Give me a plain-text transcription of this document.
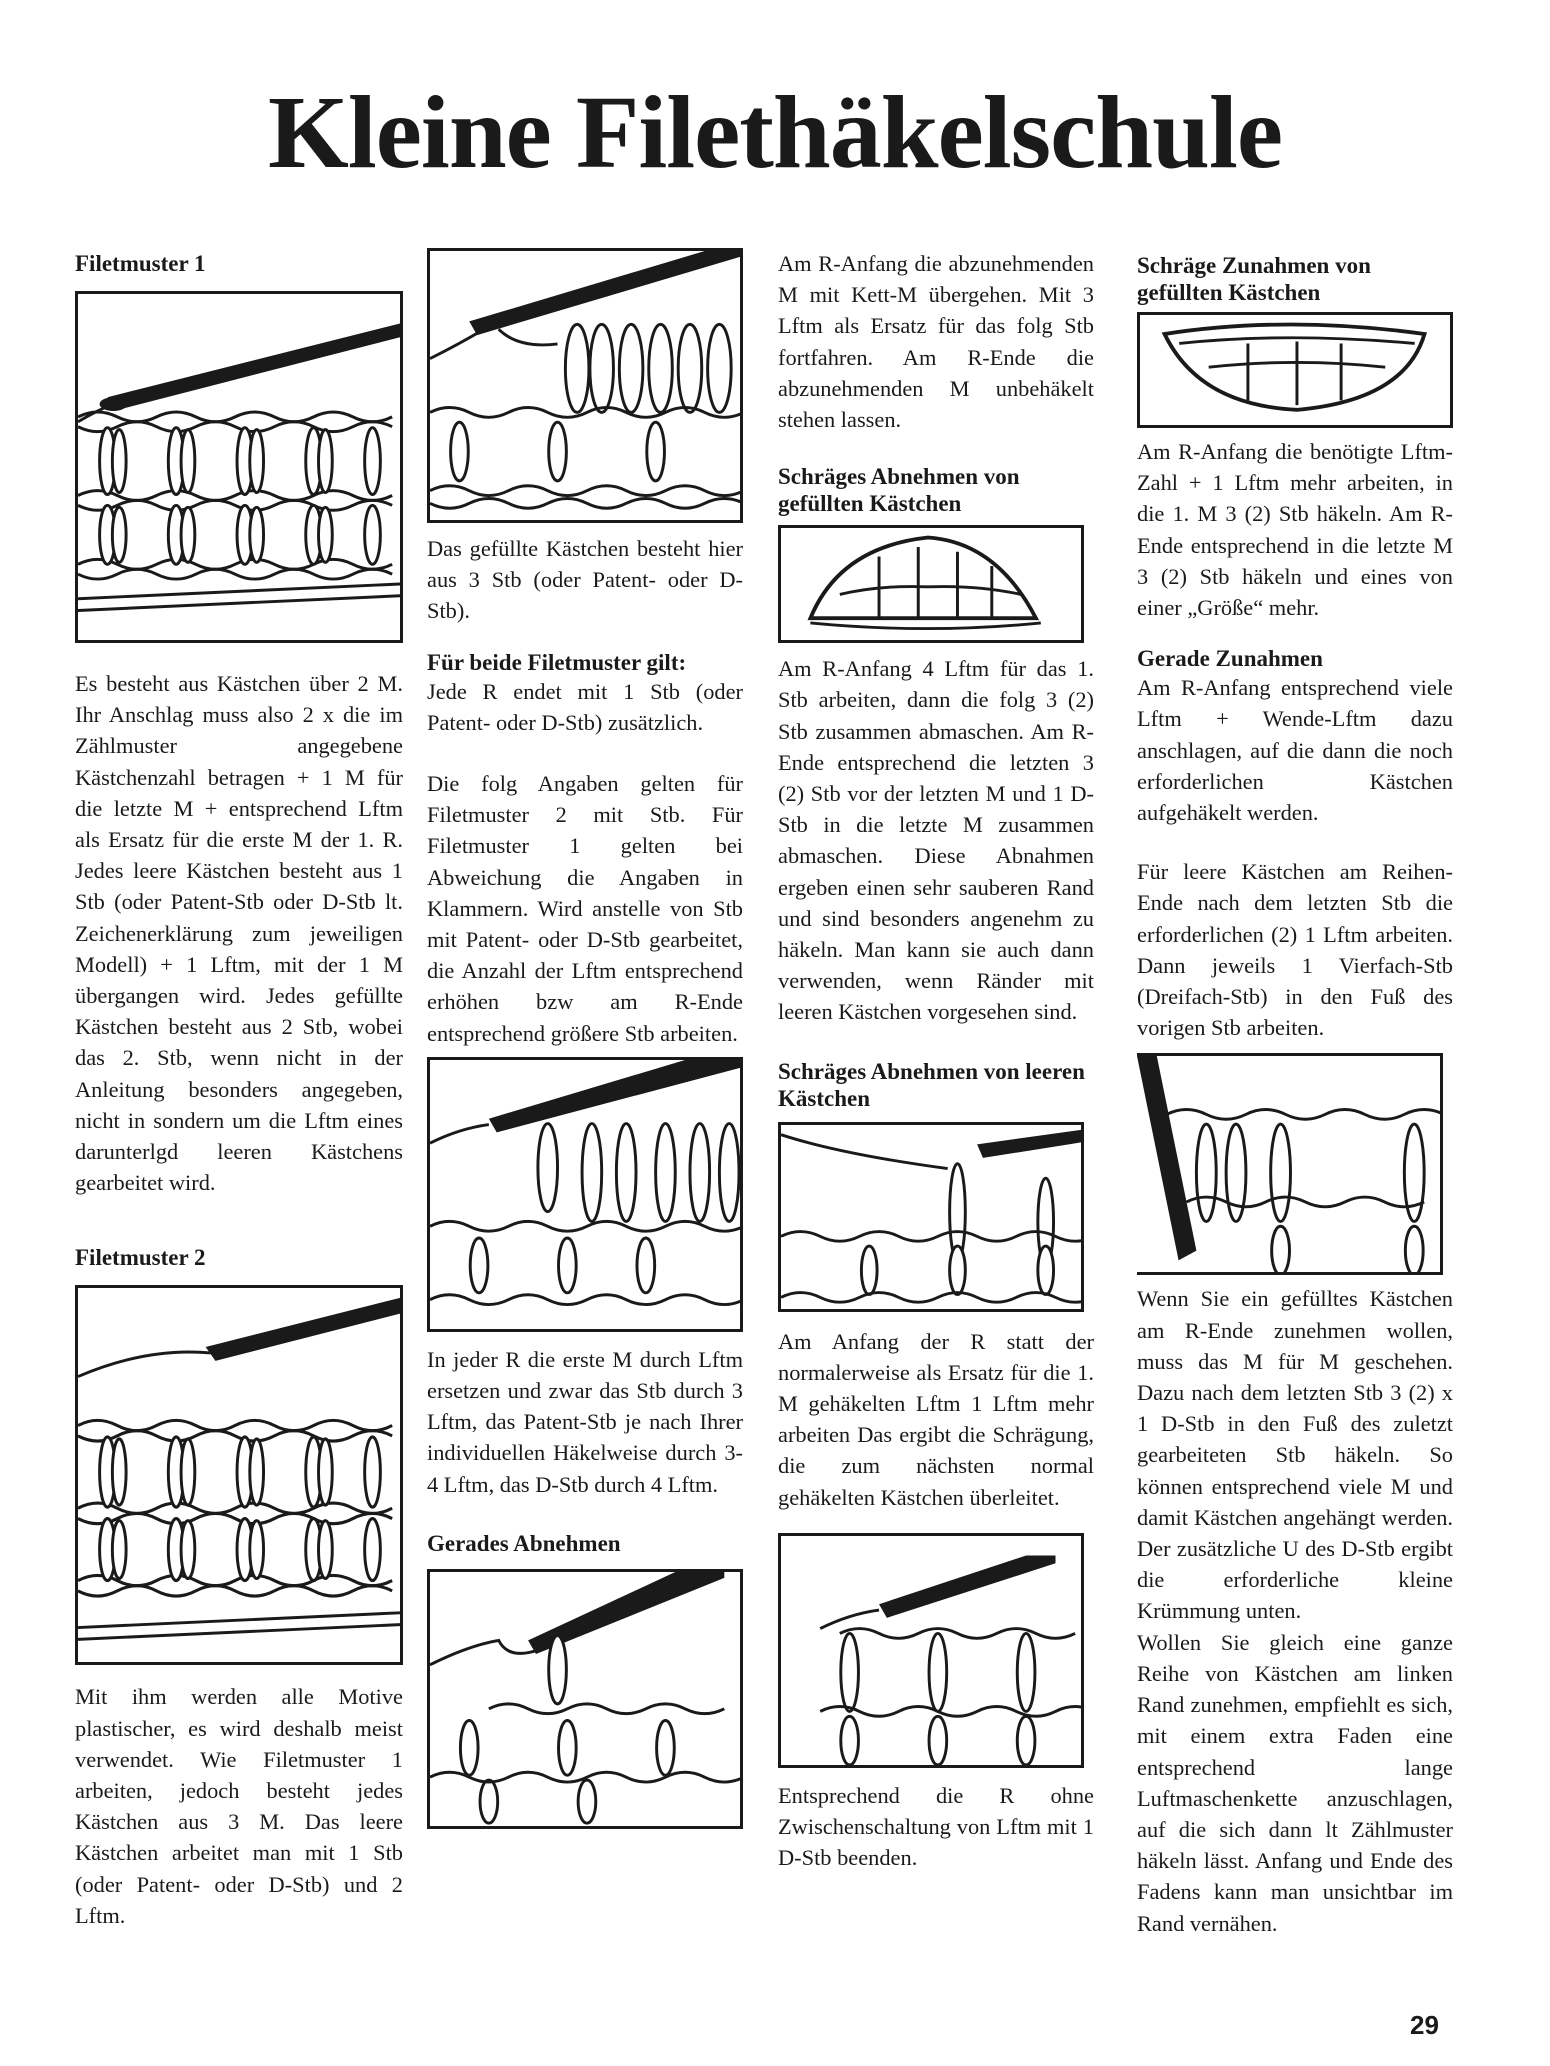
Kleine Filethäkelschule
Filetmuster 1

Es besteht aus Kästchen über 2 M. Ihr Anschlag muss also 2 x die im Zählmuster angegebene Kästchenzahl betragen + 1 M für die letzte M + entsprechend Lftm als Ersatz für die erste M der 1. R. Jedes leere Kästchen besteht aus 1 Stb (oder Patent-Stb oder D-Stb lt. Zeichenerklärung zum jeweiligen Modell) + 1 Lftm, mit der 1 M übergangen wird. Jedes gefüllte Kästchen besteht aus 2 Stb, wobei das 2. Stb, wenn nicht in der Anleitung besonders angegeben, nicht in sondern um die Lftm eines darunterlgd leeren Kästchens gearbeitet wird.

Filetmuster 2

Mit ihm werden alle Motive plastischer, es wird deshalb meist verwendet. Wie Filetmuster 1 arbeiten, jedoch besteht jedes Kästchen aus 3 M. Das leere Kästchen arbeitet man mit 1 Stb (oder Patent- oder D-Stb) und 2 Lftm.

Das gefüllte Kästchen besteht hier aus 3 Stb (oder Patent- oder D-Stb).

Für beide Filetmuster gilt:

Jede R endet mit 1 Stb (oder Patent- oder D-Stb) zusätzlich.

Die folg Angaben gelten für Filetmuster 2 mit Stb. Für Filetmuster 1 gelten bei Abweichung die Angaben in Klammern. Wird anstelle von Stb mit Patent- oder D-Stb gearbeitet, die Anzahl der Lftm entsprechend erhöhen bzw am R-Ende entsprechend größere Stb arbeiten.

In jeder R die erste M durch Lftm ersetzen und zwar das Stb durch 3 Lftm, das Patent-Stb je nach Ihrer individuellen Häkelweise durch 3-4 Lftm, das D-Stb durch 4 Lftm.

Gerades Abnehmen

Am R-Anfang die abzunehmenden M mit Kett-M übergehen. Mit 3 Lftm als Ersatz für das folg Stb fortfahren. Am R-Ende die abzunehmenden M unbehäkelt stehen lassen.

Schräges Abnehmen von gefüllten Kästchen

Am R-Anfang 4 Lftm für das 1. Stb arbeiten, dann die folg 3 (2) Stb zusammen abmaschen. Am R-Ende entsprechend die letzten 3 (2) Stb vor der letzten M und 1 D-Stb in die letzte M zusammen abmaschen. Diese Abnahmen ergeben einen sehr sauberen Rand und sind besonders angenehm zu häkeln. Man kann sie auch dann verwenden, wenn Ränder mit leeren Kästchen vorgesehen sind.

Schräges Abnehmen von leeren Kästchen

Am Anfang der R statt der normalerweise als Ersatz für die 1. M gehäkelten Lftm 1 Lftm mehr arbeiten Das ergibt die Schrägung, die zum nächsten normal gehäkelten Kästchen überleitet.

Entsprechend die R ohne Zwischenschaltung von Lftm mit 1 D-Stb beenden.

Schräge Zunahmen von gefüllten Kästchen

Am R-Anfang die benötigte Lftm-Zahl + 1 Lftm mehr arbeiten, in die 1. M 3 (2) Stb häkeln. Am R-Ende entsprechend in die letzte M 3 (2) Stb häkeln und eines von einer „Größe“ mehr.

Gerade Zunahmen

Am R-Anfang entsprechend viele Lftm + Wende-Lftm dazu anschlagen, auf die dann die noch erforderlichen Kästchen aufgehäkelt werden.

Für leere Kästchen am Reihen-Ende nach dem letzten Stb die erforderlichen (2) 1 Lftm arbeiten. Dann jeweils 1 Vierfach-Stb (Dreifach-Stb) in den Fuß des vorigen Stb arbeiten.

Wenn Sie ein gefülltes Kästchen am R-Ende zunehmen wollen, muss das M für M geschehen. Dazu nach dem letzten Stb 3 (2) x 1 D-Stb in den Fuß des zuletzt gearbeiteten Stb häkeln. So können entsprechend viele M und damit Kästchen angehängt werden. Der zusätzliche U des D-Stb ergibt die erforderliche kleine Krümmung unten.

Wollen Sie gleich eine ganze Reihe von Kästchen am linken Rand zunehmen, empfiehlt es sich, mit einem extra Faden eine entsprechend lange Luftmaschenkette anzuschlagen, auf die sich dann lt Zählmuster häkeln lässt. Anfang und Ende des Fadens kann man unsichtbar im Rand vernähen.

29
